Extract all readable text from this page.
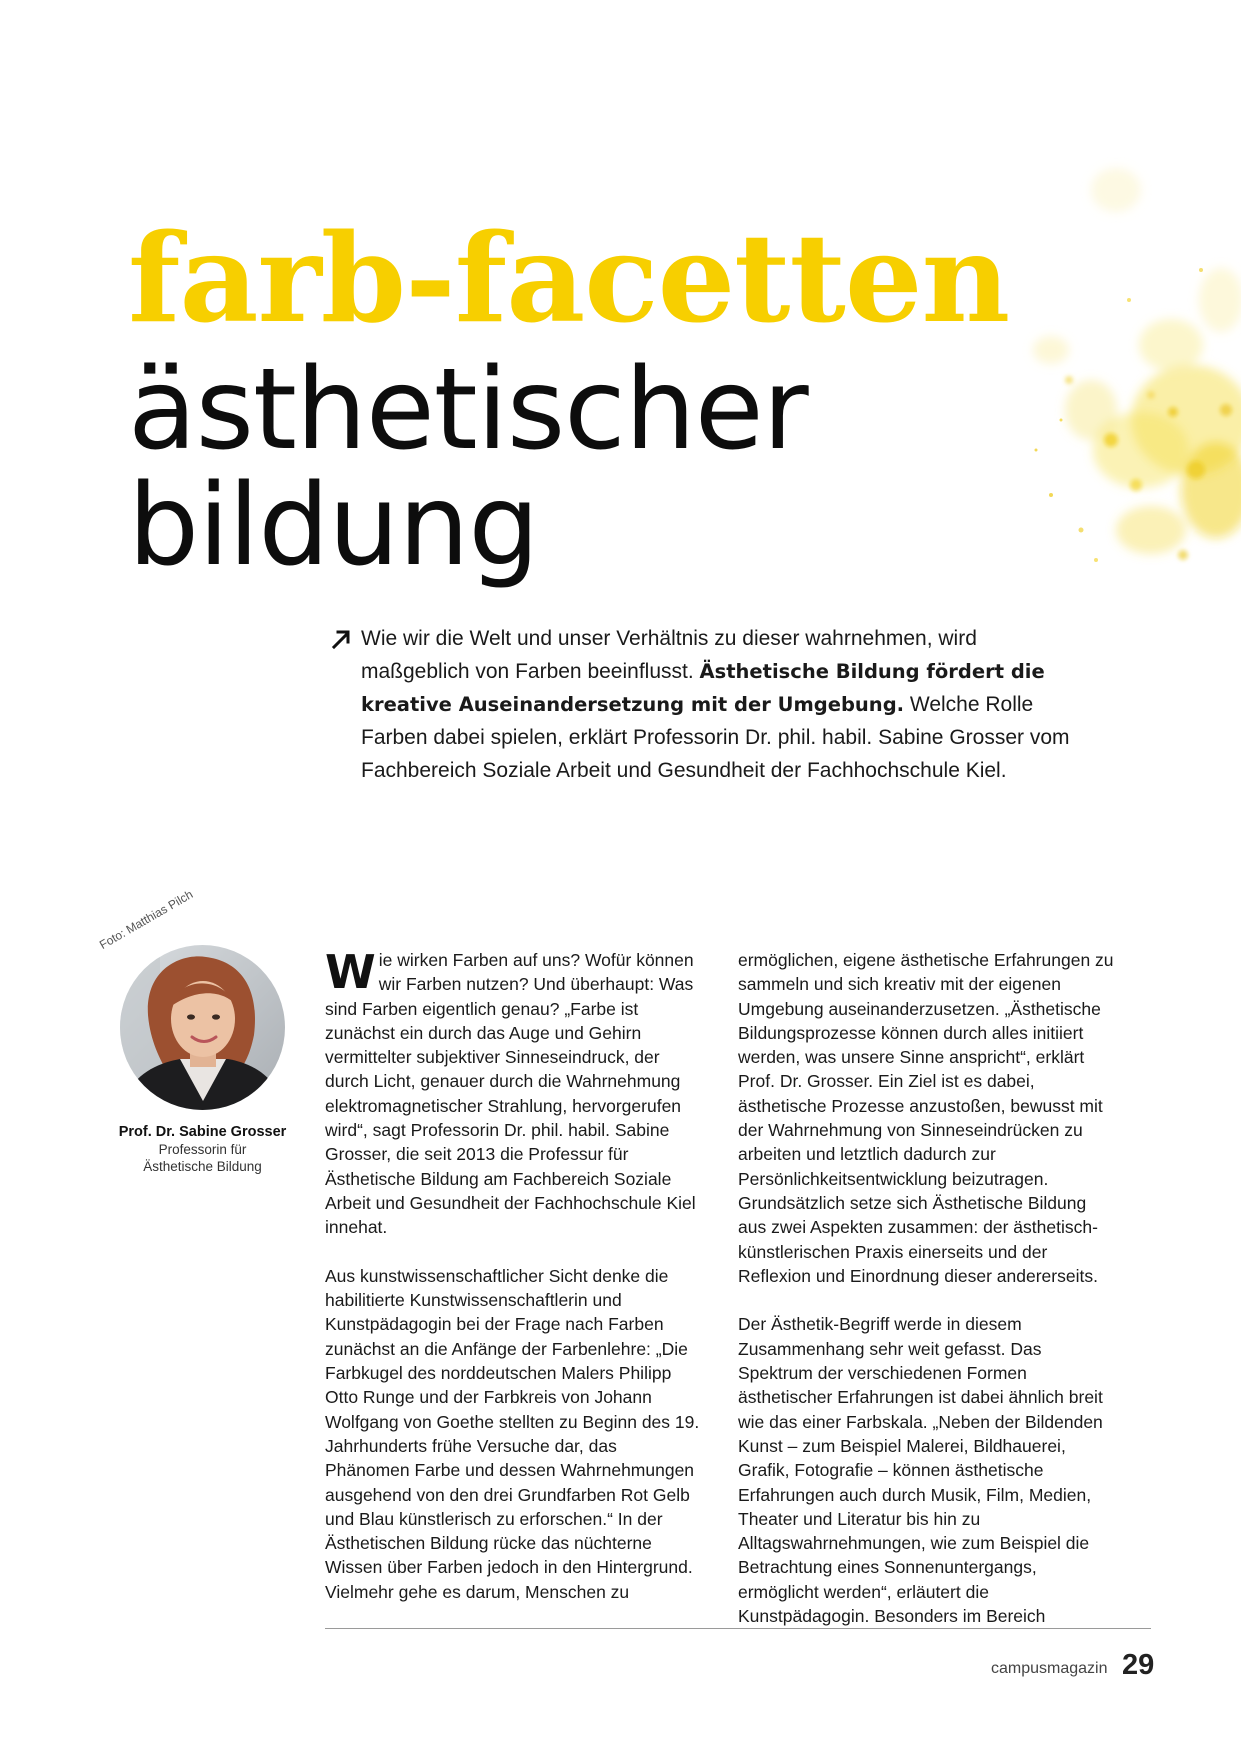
farb-facetten
ästhetischer
bildung

Wie wir die Welt und unser Verhältnis zu dieser wahrnehmen, wird maßgeblich von Farben beeinflusst. Ästhetische Bildung fördert die kreative Auseinandersetzung mit der Umgebung. Welche Rolle Farben dabei spielen, erklärt Professorin Dr. phil. habil. Sabine Grosser vom Fachbereich Soziale Arbeit und Gesundheit der Fachhochschule Kiel.

Foto: Matthias Pilch
Prof. Dr. Sabine Grosser
Professorin für
Ästhetische Bildung

Wie wirken Farben auf uns? Wofür können wir Farben nutzen? Und überhaupt: Was sind Farben eigentlich genau? „Farbe ist zunächst ein durch das Auge und Gehirn vermittelter subjektiver Sinneseindruck, der durch Licht, genauer durch die Wahrnehmung elektromagnetischer Strahlung, hervorgerufen wird“, sagt Professorin Dr. phil. habil. Sabine Grosser, die seit 2013 die Professur für Ästhetische Bildung am Fachbereich Soziale Arbeit und Gesundheit der Fachhochschule Kiel innehat.

Aus kunstwissenschaftlicher Sicht denke die habilitierte Kunstwissenschaftlerin und Kunstpädagogin bei der Frage nach Farben zunächst an die Anfänge der Farbenlehre: „Die Farbkugel des norddeutschen Malers Philipp Otto Runge und der Farbkreis von Johann Wolfgang von Goethe stellten zu Beginn des 19. Jahrhunderts frühe Versuche dar, das Phänomen Farbe und dessen Wahrnehmungen ausgehend von den drei Grundfarben Rot Gelb und Blau künstlerisch zu erforschen.“ In der Ästhetischen Bildung rücke das nüchterne Wissen über Farben jedoch in den Hintergrund. Vielmehr gehe es darum, Menschen zu

ermöglichen, eigene ästhetische Erfahrungen zu sammeln und sich kreativ mit der eigenen Umgebung auseinanderzusetzen. „Ästhetische Bildungsprozesse können durch alles initiiert werden, was unsere Sinne anspricht“, erklärt Prof. Dr. Grosser. Ein Ziel ist es dabei, ästhetische Prozesse anzustoßen, bewusst mit der Wahrnehmung von Sinneseindrücken zu arbeiten und letztlich dadurch zur Persönlichkeitsentwicklung beizutragen. Grundsätzlich setze sich Ästhetische Bildung aus zwei Aspekten zusammen: der ästhetisch-künstlerischen Praxis einerseits und der Reflexion und Einordnung dieser andererseits.

Der Ästhetik-Begriff werde in diesem Zusammenhang sehr weit gefasst. Das Spektrum der verschiedenen Formen ästhetischer Erfahrungen ist dabei ähnlich breit wie das einer Farbskala. „Neben der Bildenden Kunst – zum Beispiel Malerei, Bildhauerei, Grafik, Fotografie – können ästhetische Erfahrungen auch durch Musik, Film, Medien, Theater und Literatur bis hin zu Alltagswahrnehmungen, wie zum Beispiel die Betrachtung eines Sonnenuntergangs, ermöglicht werden“, erläutert die Kunstpädagogin. Besonders im Bereich

campusmagazin 29
